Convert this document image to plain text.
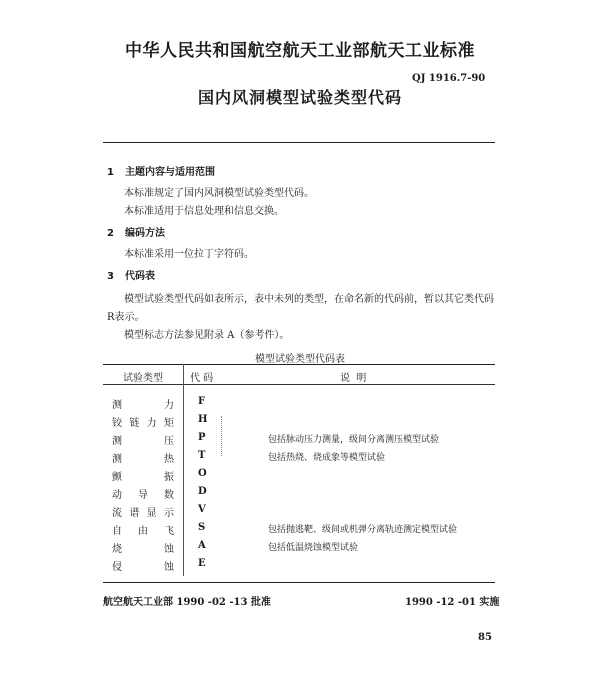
中华人民共和国航空航天工业部航天工业标准
QJ 1916.7-90
国内风洞模型试验类型代码
1 主题内容与适用范围
本标准规定了国内风洞模型试验类型代码。
本标准适用于信息处理和信息交换。
2 编码方法
本标准采用一位拉丁字符码。
3 代码表
模型试验类型代码如表所示，表中未列的类型，在命名新的代码前，暂以其它类代码
R表示。
模型标志方法参见附录 A（参考件）。
模型试验类型代码表
试验类型	代 码	说  明
测力 F
铰链力矩 H
测压 P	包括脉动压力测量，级间分离测压模型试验
测热 T	包括热烧、烧成象等模型试验
颤振 O
动导数 D
流谱显示 V
自由飞 S	包括抛逃靶、级间或机弹分离轨迹测定模型试验
烧蚀 A	包括低温烧蚀模型试验
侵蚀 E
航空航天工业部 1990 -02 -13 批准	1990 -12 -01 实施
85
